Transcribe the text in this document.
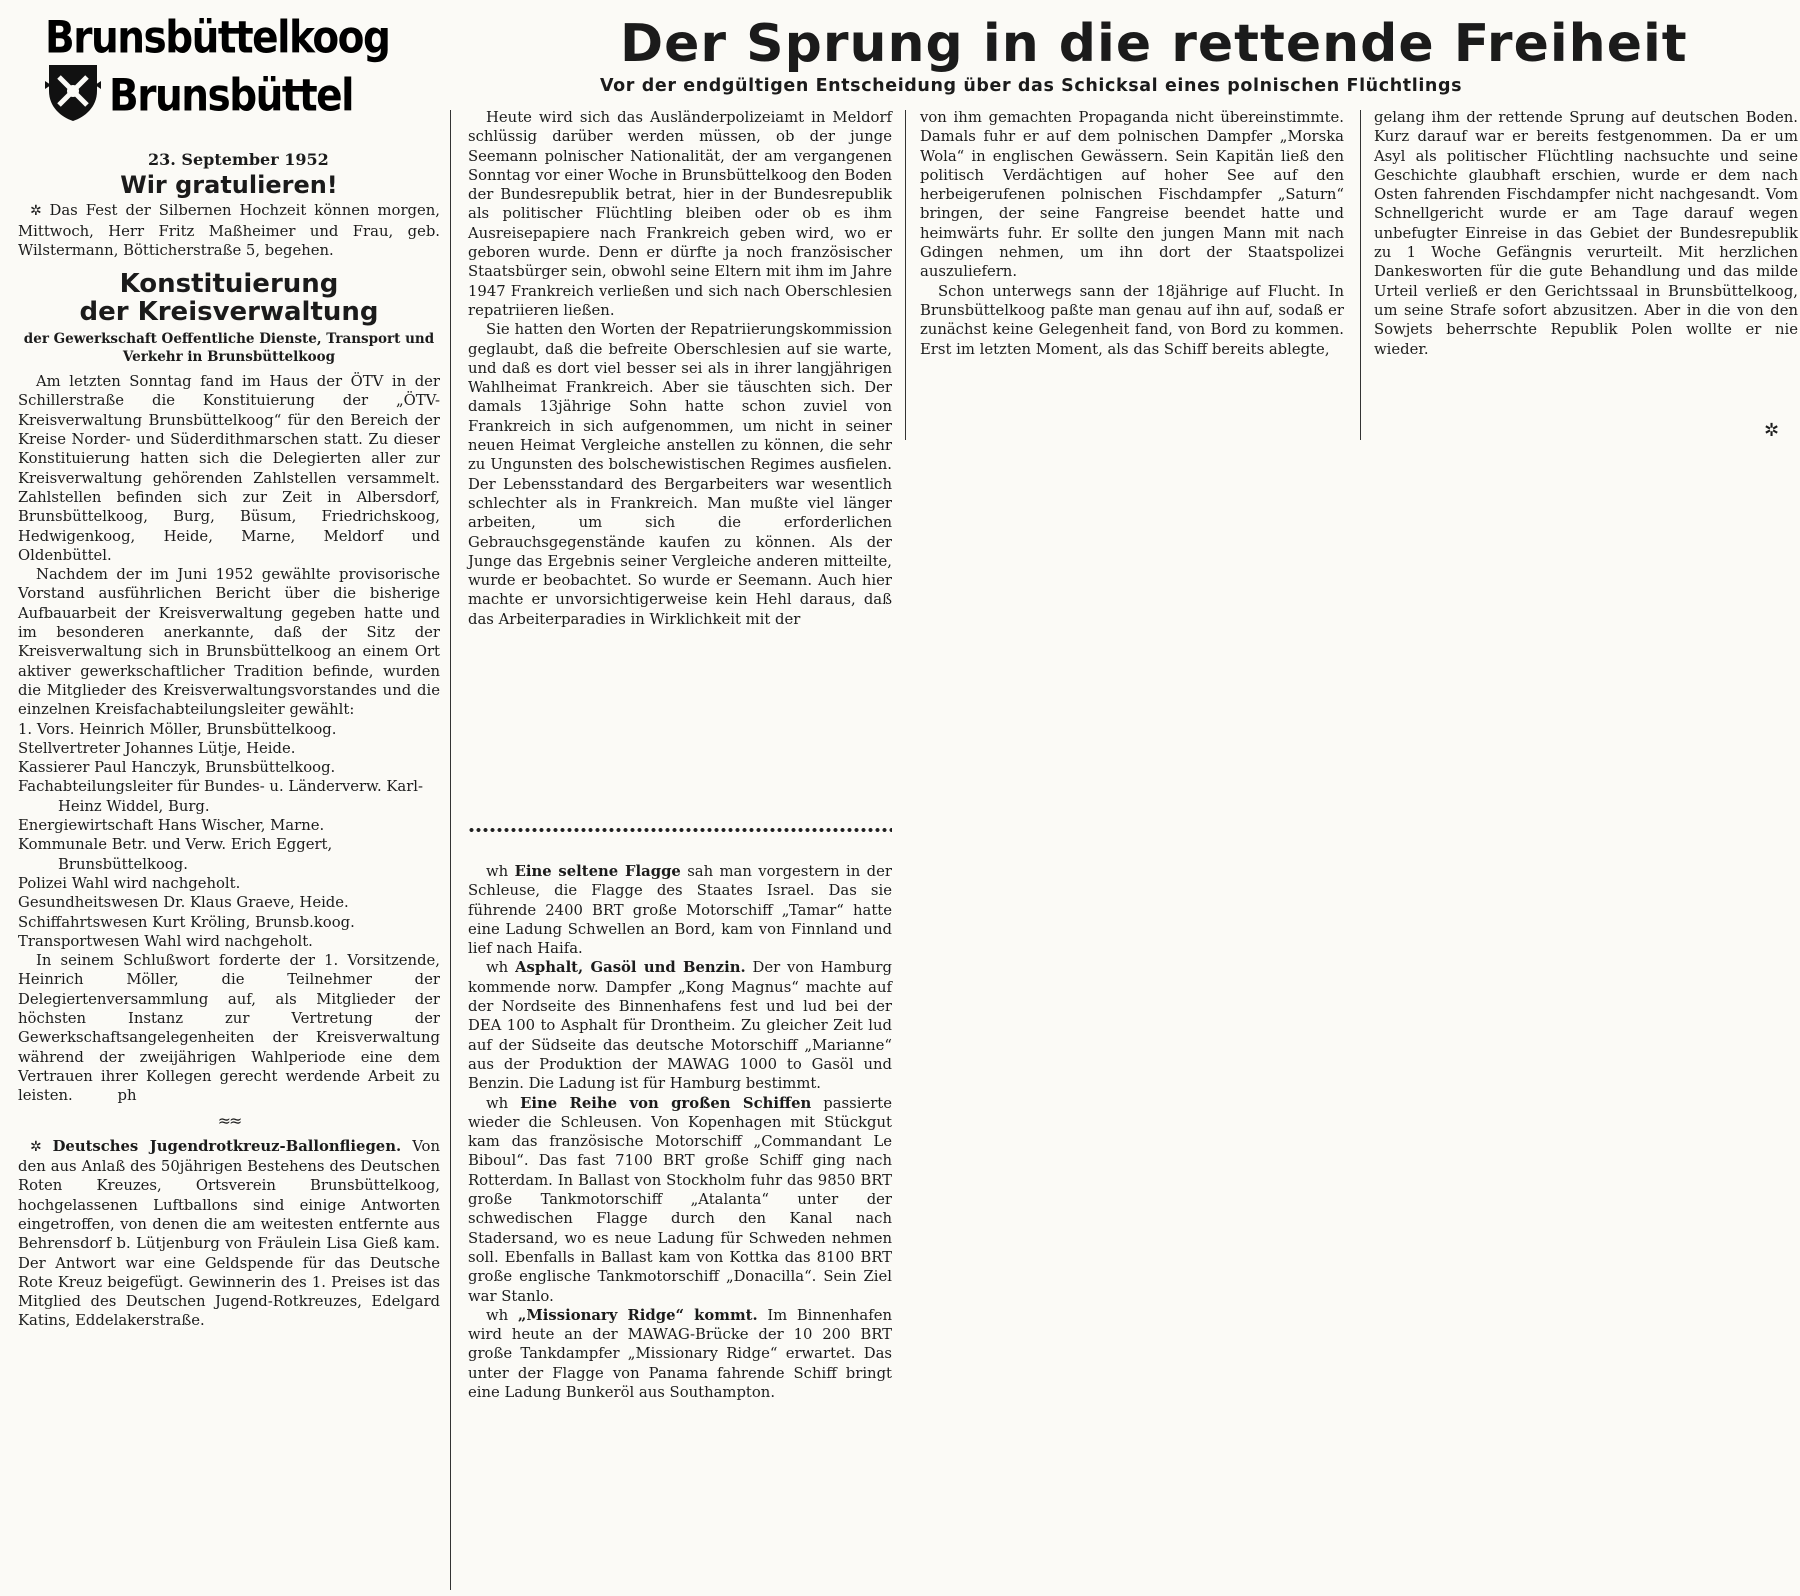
Brunsbüttelkoog
Brunsbüttel
23. September 1952
Wir gratulieren!

✲ Das Fest der Silbernen Hochzeit können morgen, Mittwoch, Herr Fritz Maßheimer und Frau, geb. Wilstermann, Bötticherstraße 5, begehen.

Konstituierung
der Kreisverwaltung
der Gewerkschaft Oeffentliche Dienste, Transport und Verkehr in Brunsbüttelkoog

Am letzten Sonntag fand im Haus der ÖTV in der Schillerstraße die Konstituierung der „ÖTV-Kreisverwaltung Brunsbüttelkoog“ für den Bereich der Kreise Norder- und Süderdithmarschen statt. Zu dieser Konstituierung hatten sich die Delegierten aller zur Kreisverwaltung gehörenden Zahlstellen versammelt. Zahlstellen befinden sich zur Zeit in Albersdorf, Brunsbüttelkoog, Burg, Büsum, Friedrichskoog, Hedwigenkoog, Heide, Marne, Meldorf und Oldenbüttel.

Nachdem der im Juni 1952 gewählte provisorische Vorstand ausführlichen Bericht über die bisherige Aufbauarbeit der Kreisverwaltung gegeben hatte und im besonderen anerkannte, daß der Sitz der Kreisverwaltung sich in Brunsbüttelkoog an einem Ort aktiver gewerkschaftlicher Tradition befinde, wurden die Mitglieder des Kreisverwaltungsvorstandes und die einzelnen Kreisfachabteilungsleiter gewählt:

1. Vors. Heinrich Möller, Brunsbüttelkoog.
Stellvertreter Johannes Lütje, Heide.
Kassierer Paul Hanczyk, Brunsbüttelkoog.
Fachabteilungsleiter für Bundes- u. Länderverw. Karl-Heinz Widdel, Burg.
Energiewirtschaft Hans Wischer, Marne.
Kommunale Betr. und Verw. Erich Eggert, Brunsbüttelkoog.
Polizei Wahl wird nachgeholt.
Gesundheitswesen Dr. Klaus Graeve, Heide.
Schiffahrtswesen Kurt Kröling, Brunsb.koog.
Transportwesen Wahl wird nachgeholt.

In seinem Schlußwort forderte der 1. Vorsitzende, Heinrich Möller, die Teilnehmer der Delegiertenversammlung auf, als Mitglieder der höchsten Instanz zur Vertretung der Gewerkschaftsangelegenheiten der Kreisverwaltung während der zweijährigen Wahlperiode eine dem Vertrauen ihrer Kollegen gerecht werdende Arbeit zu leisten.	ph

≈≈

✲ Deutsches Jugendrotkreuz-Ballonfliegen. Von den aus Anlaß des 50jährigen Bestehens des Deutschen Roten Kreuzes, Ortsverein Brunsbüttelkoog, hochgelassenen Luftballons sind einige Antworten eingetroffen, von denen die am weitesten entfernte aus Behrensdorf b. Lütjenburg von Fräulein Lisa Gieß kam. Der Antwort war eine Geldspende für das Deutsche Rote Kreuz beigefügt. Gewinnerin des 1. Preises ist das Mitglied des Deutschen Jugend-Rotkreuzes, Edelgard Katins, Eddelakerstraße.

Der Sprung in die rettende Freiheit
Vor der endgültigen Entscheidung über das Schicksal eines polnischen Flüchtlings

Heute wird sich das Ausländerpolizeiamt in Meldorf schlüssig darüber werden müssen, ob der junge Seemann polnischer Nationalität, der am vergangenen Sonntag vor einer Woche in Brunsbüttelkoog den Boden der Bundesrepublik betrat, hier in der Bundesrepublik als politischer Flüchtling bleiben oder ob es ihm Ausreisepapiere nach Frankreich geben wird, wo er geboren wurde. Denn er dürfte ja noch französischer Staatsbürger sein, obwohl seine Eltern mit ihm im Jahre 1947 Frankreich verließen und sich nach Oberschlesien repatriieren ließen.

Sie hatten den Worten der Repatriierungskommission geglaubt, daß die befreite Oberschlesien auf sie warte, und daß es dort viel besser sei als in ihrer langjährigen Wahlheimat Frankreich. Aber sie täuschten sich. Der damals 13jährige Sohn hatte schon zuviel von Frankreich in sich aufgenommen, um nicht in seiner neuen Heimat Vergleiche anstellen zu können, die sehr zu Ungunsten des bolschewistischen Regimes ausfielen. Der Lebensstandard des Bergarbeiters war wesentlich schlechter als in Frankreich. Man mußte viel länger arbeiten, um sich die erforderlichen Gebrauchsgegenstände kaufen zu können. Als der Junge das Ergebnis seiner Vergleiche anderen mitteilte, wurde er beobachtet. So wurde er Seemann. Auch hier machte er unvorsichtigerweise kein Hehl daraus, daß das Arbeiterparadies in Wirklichkeit mit der

von ihm gemachten Propaganda nicht übereinstimmte. Damals fuhr er auf dem polnischen Dampfer „Morska Wola“ in englischen Gewässern. Sein Kapitän ließ den politisch Verdächtigen auf hoher See auf den herbeigerufenen polnischen Fischdampfer „Saturn“ bringen, der seine Fangreise beendet hatte und heimwärts fuhr. Er sollte den jungen Mann mit nach Gdingen nehmen, um ihn dort der Staatspolizei auszuliefern.

Schon unterwegs sann der 18jährige auf Flucht. In Brunsbüttelkoog paßte man genau auf ihn auf, sodaß er zunächst keine Gelegenheit fand, von Bord zu kommen. Erst im letzten Moment, als das Schiff bereits ablegte,

gelang ihm der rettende Sprung auf deutschen Boden. Kurz darauf war er bereits festgenommen. Da er um Asyl als politischer Flüchtling nachsuchte und seine Geschichte glaubhaft erschien, wurde er dem nach Osten fahrenden Fischdampfer nicht nachgesandt. Vom Schnellgericht wurde er am Tage darauf wegen unbefugter Einreise in das Gebiet der Bundesrepublik zu 1 Woche Gefängnis verurteilt. Mit herzlichen Dankesworten für die gute Behandlung und das milde Urteil verließ er den Gerichtssaal in Brunsbüttelkoog, um seine Strafe sofort abzusitzen. Aber in die von den Sowjets beherrschte Republik Polen wollte er nie wieder.

✲

wh Eine seltene Flagge sah man vorgestern in der Schleuse, die Flagge des Staates Israel. Das sie führende 2400 BRT große Motorschiff „Tamar“ hatte eine Ladung Schwellen an Bord, kam von Finnland und lief nach Haifa.

wh Asphalt, Gasöl und Benzin. Der von Hamburg kommende norw. Dampfer „Kong Magnus“ machte auf der Nordseite des Binnenhafens fest und lud bei der DEA 100 to Asphalt für Drontheim. Zu gleicher Zeit lud auf der Südseite das deutsche Motorschiff „Marianne“ aus der Produktion der MAWAG 1000 to Gasöl und Benzin. Die Ladung ist für Hamburg bestimmt.

wh Eine Reihe von großen Schiffen passierte wieder die Schleusen. Von Kopenhagen mit Stückgut kam das französische Motorschiff „Commandant Le Biboul“. Das fast 7100 BRT große Schiff ging nach Rotterdam. In Ballast von Stockholm fuhr das 9850 BRT große Tankmotorschiff „Atalanta“ unter der schwedischen Flagge durch den Kanal nach Stadersand, wo es neue Ladung für Schweden nehmen soll. Ebenfalls in Ballast kam von Kottka das 8100 BRT große englische Tankmotorschiff „Donacilla“. Sein Ziel war Stanlo.

wh „Missionary Ridge“ kommt. Im Binnenhafen wird heute an der MAWAG-Brücke der 10 200 BRT große Tankdampfer „Missionary Ridge“ erwartet. Das unter der Flagge von Panama fahrende Schiff bringt eine Ladung Bunkeröl aus Southampton.
